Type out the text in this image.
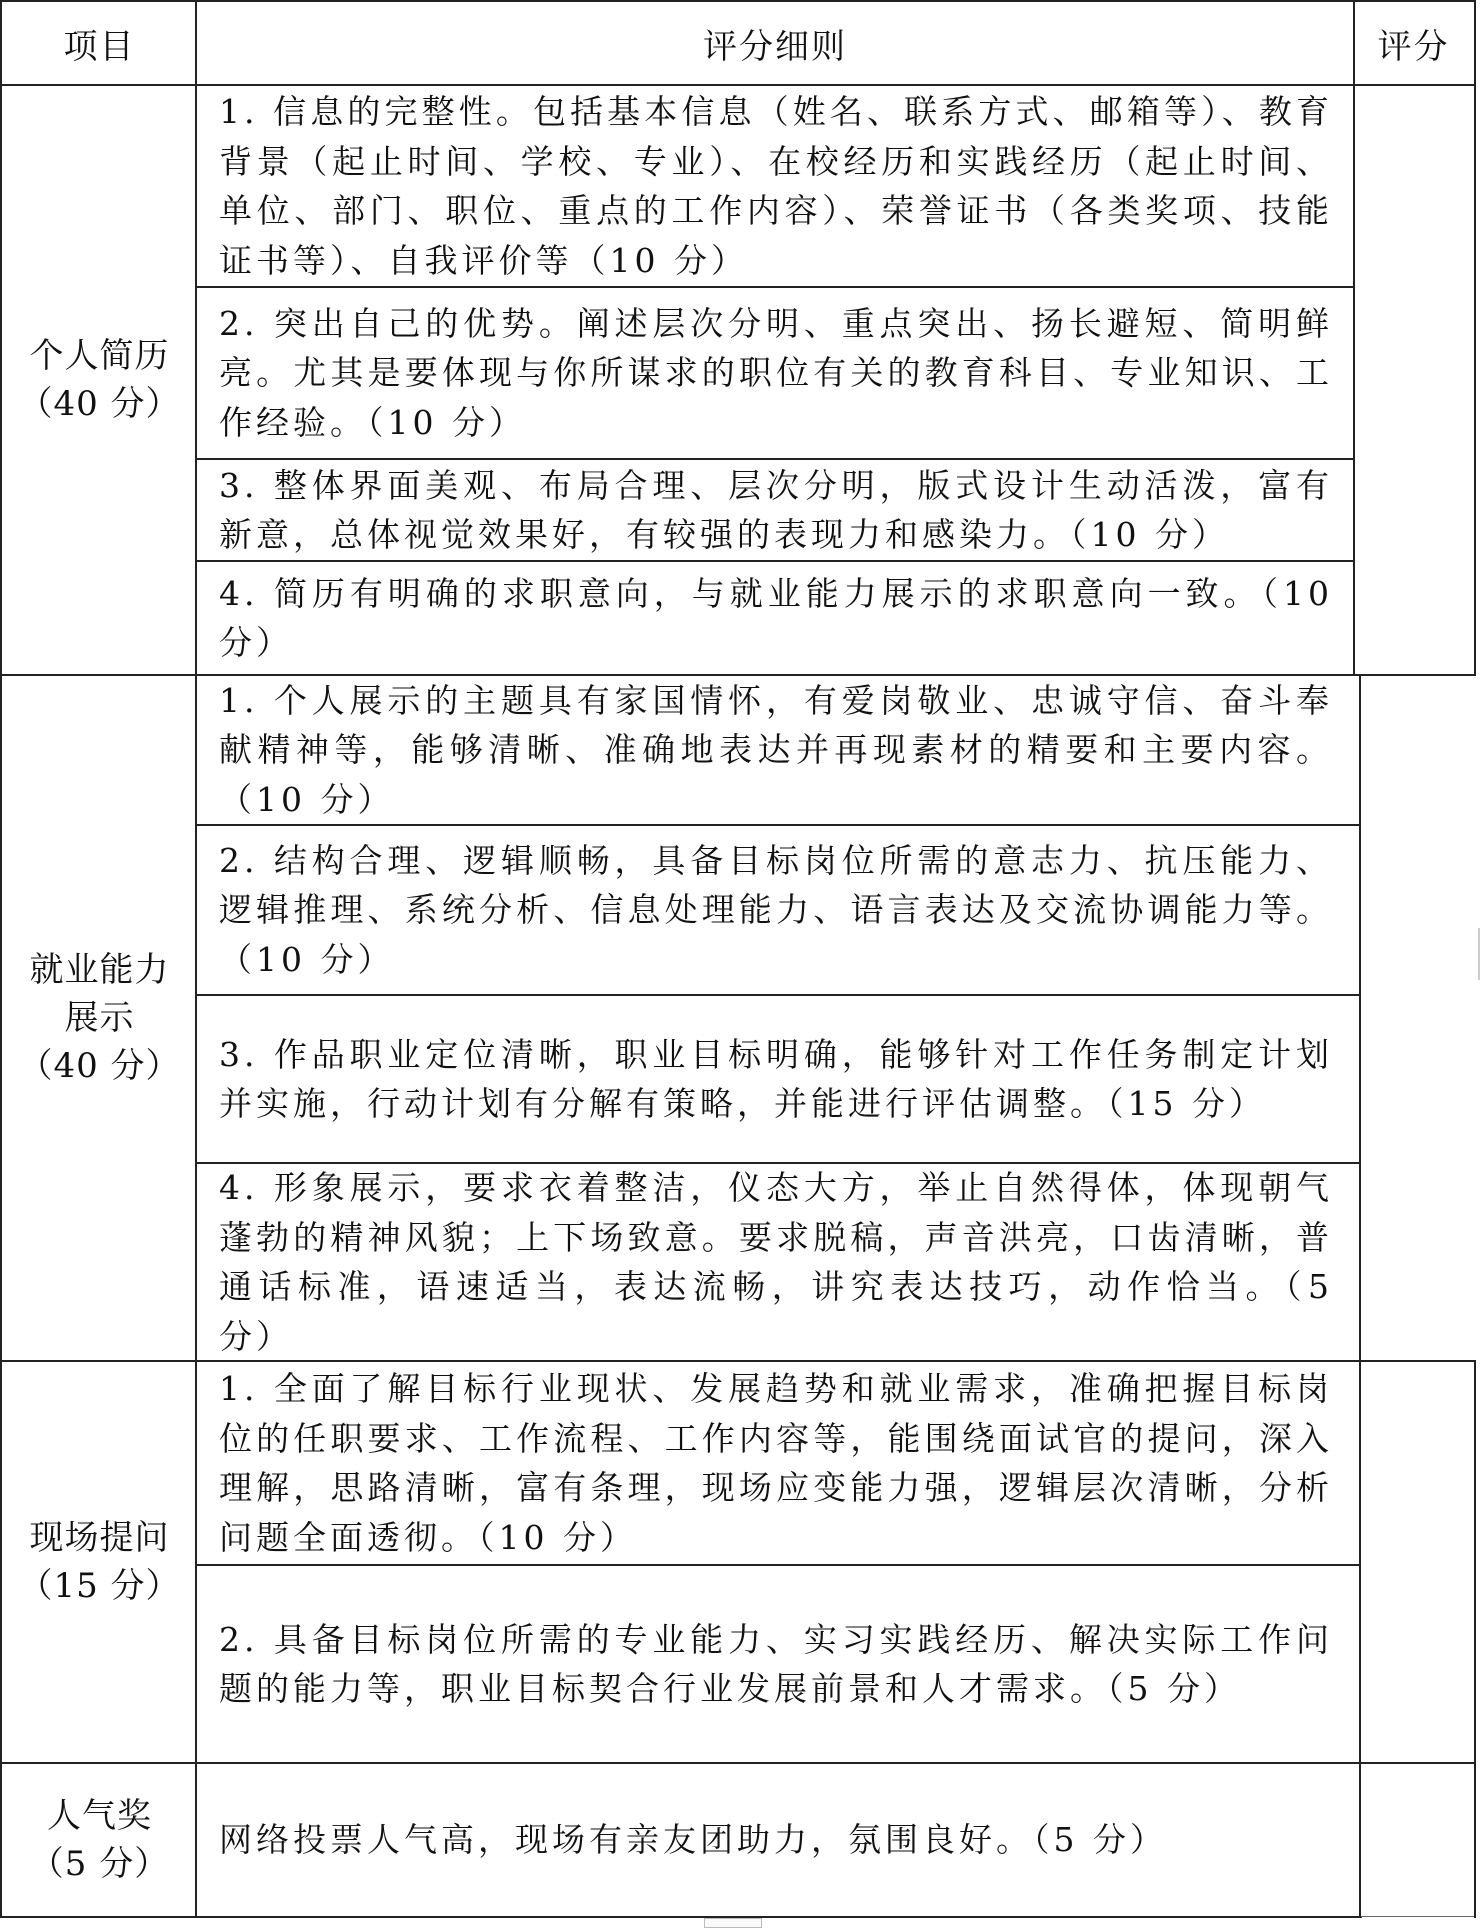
项目	评分细则	评分
个人简历
（40 分）
1. 信息的完整性。包括基本信息（姓名、联系方式、邮箱等）、教育背景（起止时间、学校、专业）、在校经历和实践经历（起止时间、单位、部门、职位、重点的工作内容）、荣誉证书（各类奖项、技能证书等）、自我评价等（10 分）
2. 突出自己的优势。阐述层次分明、重点突出、扬长避短、简明鲜亮。尤其是要体现与你所谋求的职位有关的教育科目、专业知识、工作经验。（10 分）
3. 整体界面美观、布局合理、层次分明，版式设计生动活泼，富有新意，总体视觉效果好，有较强的表现力和感染力。（10 分）
4. 简历有明确的求职意向，与就业能力展示的求职意向一致。（10 分）
就业能力
展示
（40 分）
1. 个人展示的主题具有家国情怀，有爱岗敬业、忠诚守信、奋斗奉献精神等，能够清晰、准确地表达并再现素材的精要和主要内容。（10 分）
2. 结构合理、逻辑顺畅，具备目标岗位所需的意志力、抗压能力、逻辑推理、系统分析、信息处理能力、语言表达及交流协调能力等。（10 分）
3. 作品职业定位清晰，职业目标明确，能够针对工作任务制定计划并实施，行动计划有分解有策略，并能进行评估调整。（15 分）
4. 形象展示，要求衣着整洁，仪态大方，举止自然得体，体现朝气蓬勃的精神风貌；上下场致意。要求脱稿，声音洪亮，口齿清晰，普通话标准，语速适当，表达流畅，讲究表达技巧，动作恰当。（5 分）
现场提问
（15 分）
1. 全面了解目标行业现状、发展趋势和就业需求，准确把握目标岗位的任职要求、工作流程、工作内容等，能围绕面试官的提问，深入理解，思路清晰，富有条理，现场应变能力强，逻辑层次清晰，分析问题全面透彻。（10 分）
2. 具备目标岗位所需的专业能力、实习实践经历、解决实际工作问题的能力等，职业目标契合行业发展前景和人才需求。（5 分）
人气奖
（5 分）
网络投票人气高，现场有亲友团助力，氛围良好。（5 分）
